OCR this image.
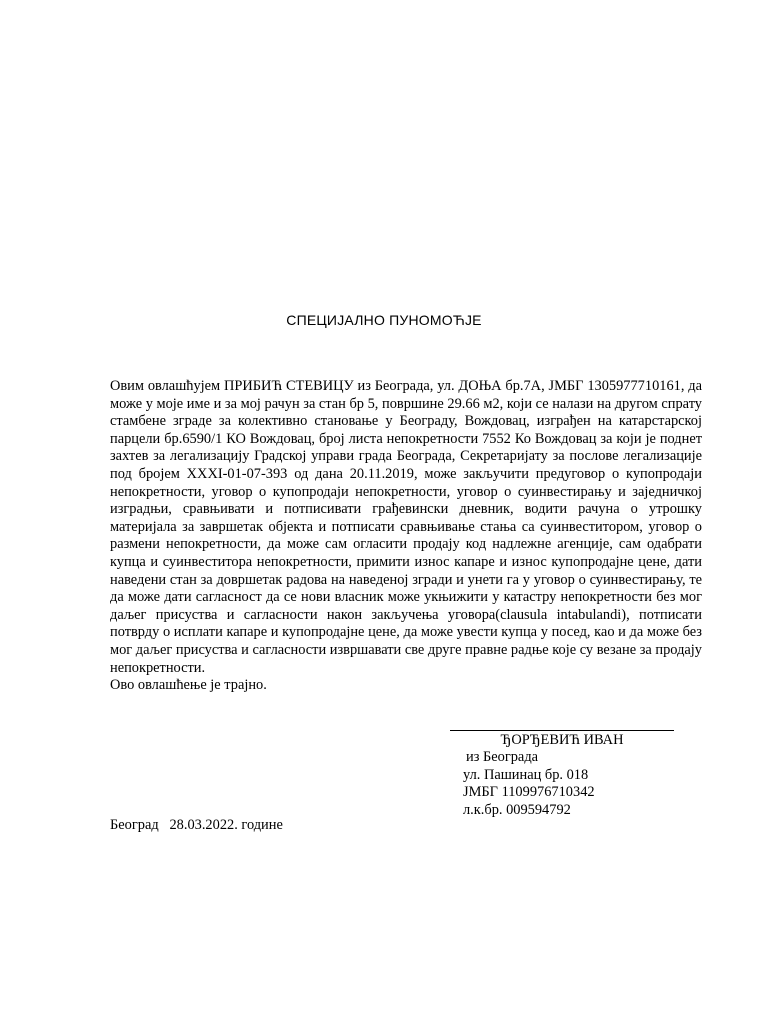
СПЕЦИЈАЛНО ПУНОМОЋЈЕ

Овим овлашћујем ПРИБИЋ СТЕВИЦУ из Београда, ул. ДОЊА бр.7А, ЈМБГ 1305977710161, да може у моје име и за мој рачун за стан бр 5, површине 29.66 м2, који се налази на другом спрату стамбене зграде за колективно становање у Београду, Вождовац, изграђен на катарстарској парцели бр.6590/1 КО Вождовац, број листа непокретности 7552 Ко Вождовац за који је поднет захтев за легализацију Градској управи града Београда, Секретаријату за послове легализације под бројем XXXI-01-07-393 од дана 20.11.2019, може закључити предуговор о купопродаји непокретности, уговор о купопродаји непокретности, уговор о суинвестирању и заједничкој изградњи, сравњивати и потписивати грађевински дневник, водити рачуна о утрошку материјала за завршетак објекта и потписати сравњивање стања са суинвеститором, уговор о размени непокретности, да може сам огласити продају код надлежне агенције, сам одабрати купца и суинвеститора непокретности, примити износ капаре и износ купопродајне цене, дати наведени стан за довршетак радова на наведеној згради и унети га у уговор о суинвестирању, те да може дати сагласност да се нови власник може укњижити у катастру непокретности без мог даљег присуства и сагласности након закључења уговора(clausula intabulandi), потписати потврду о исплати капаре и купопродајне цене, да може увести купца у посед, као и да може без мог даљег присуства и сагласности извршавати све друге правне радње које су везане за продају непокретности.

Ово овлашћење је трајно.

ЂОРЂЕВИЋ ИВАН
из Београда
ул. Пашинац бр. 018
ЈМБГ 1109976710342
л.к.бр. 009594792
Београд 28.03.2022. године
